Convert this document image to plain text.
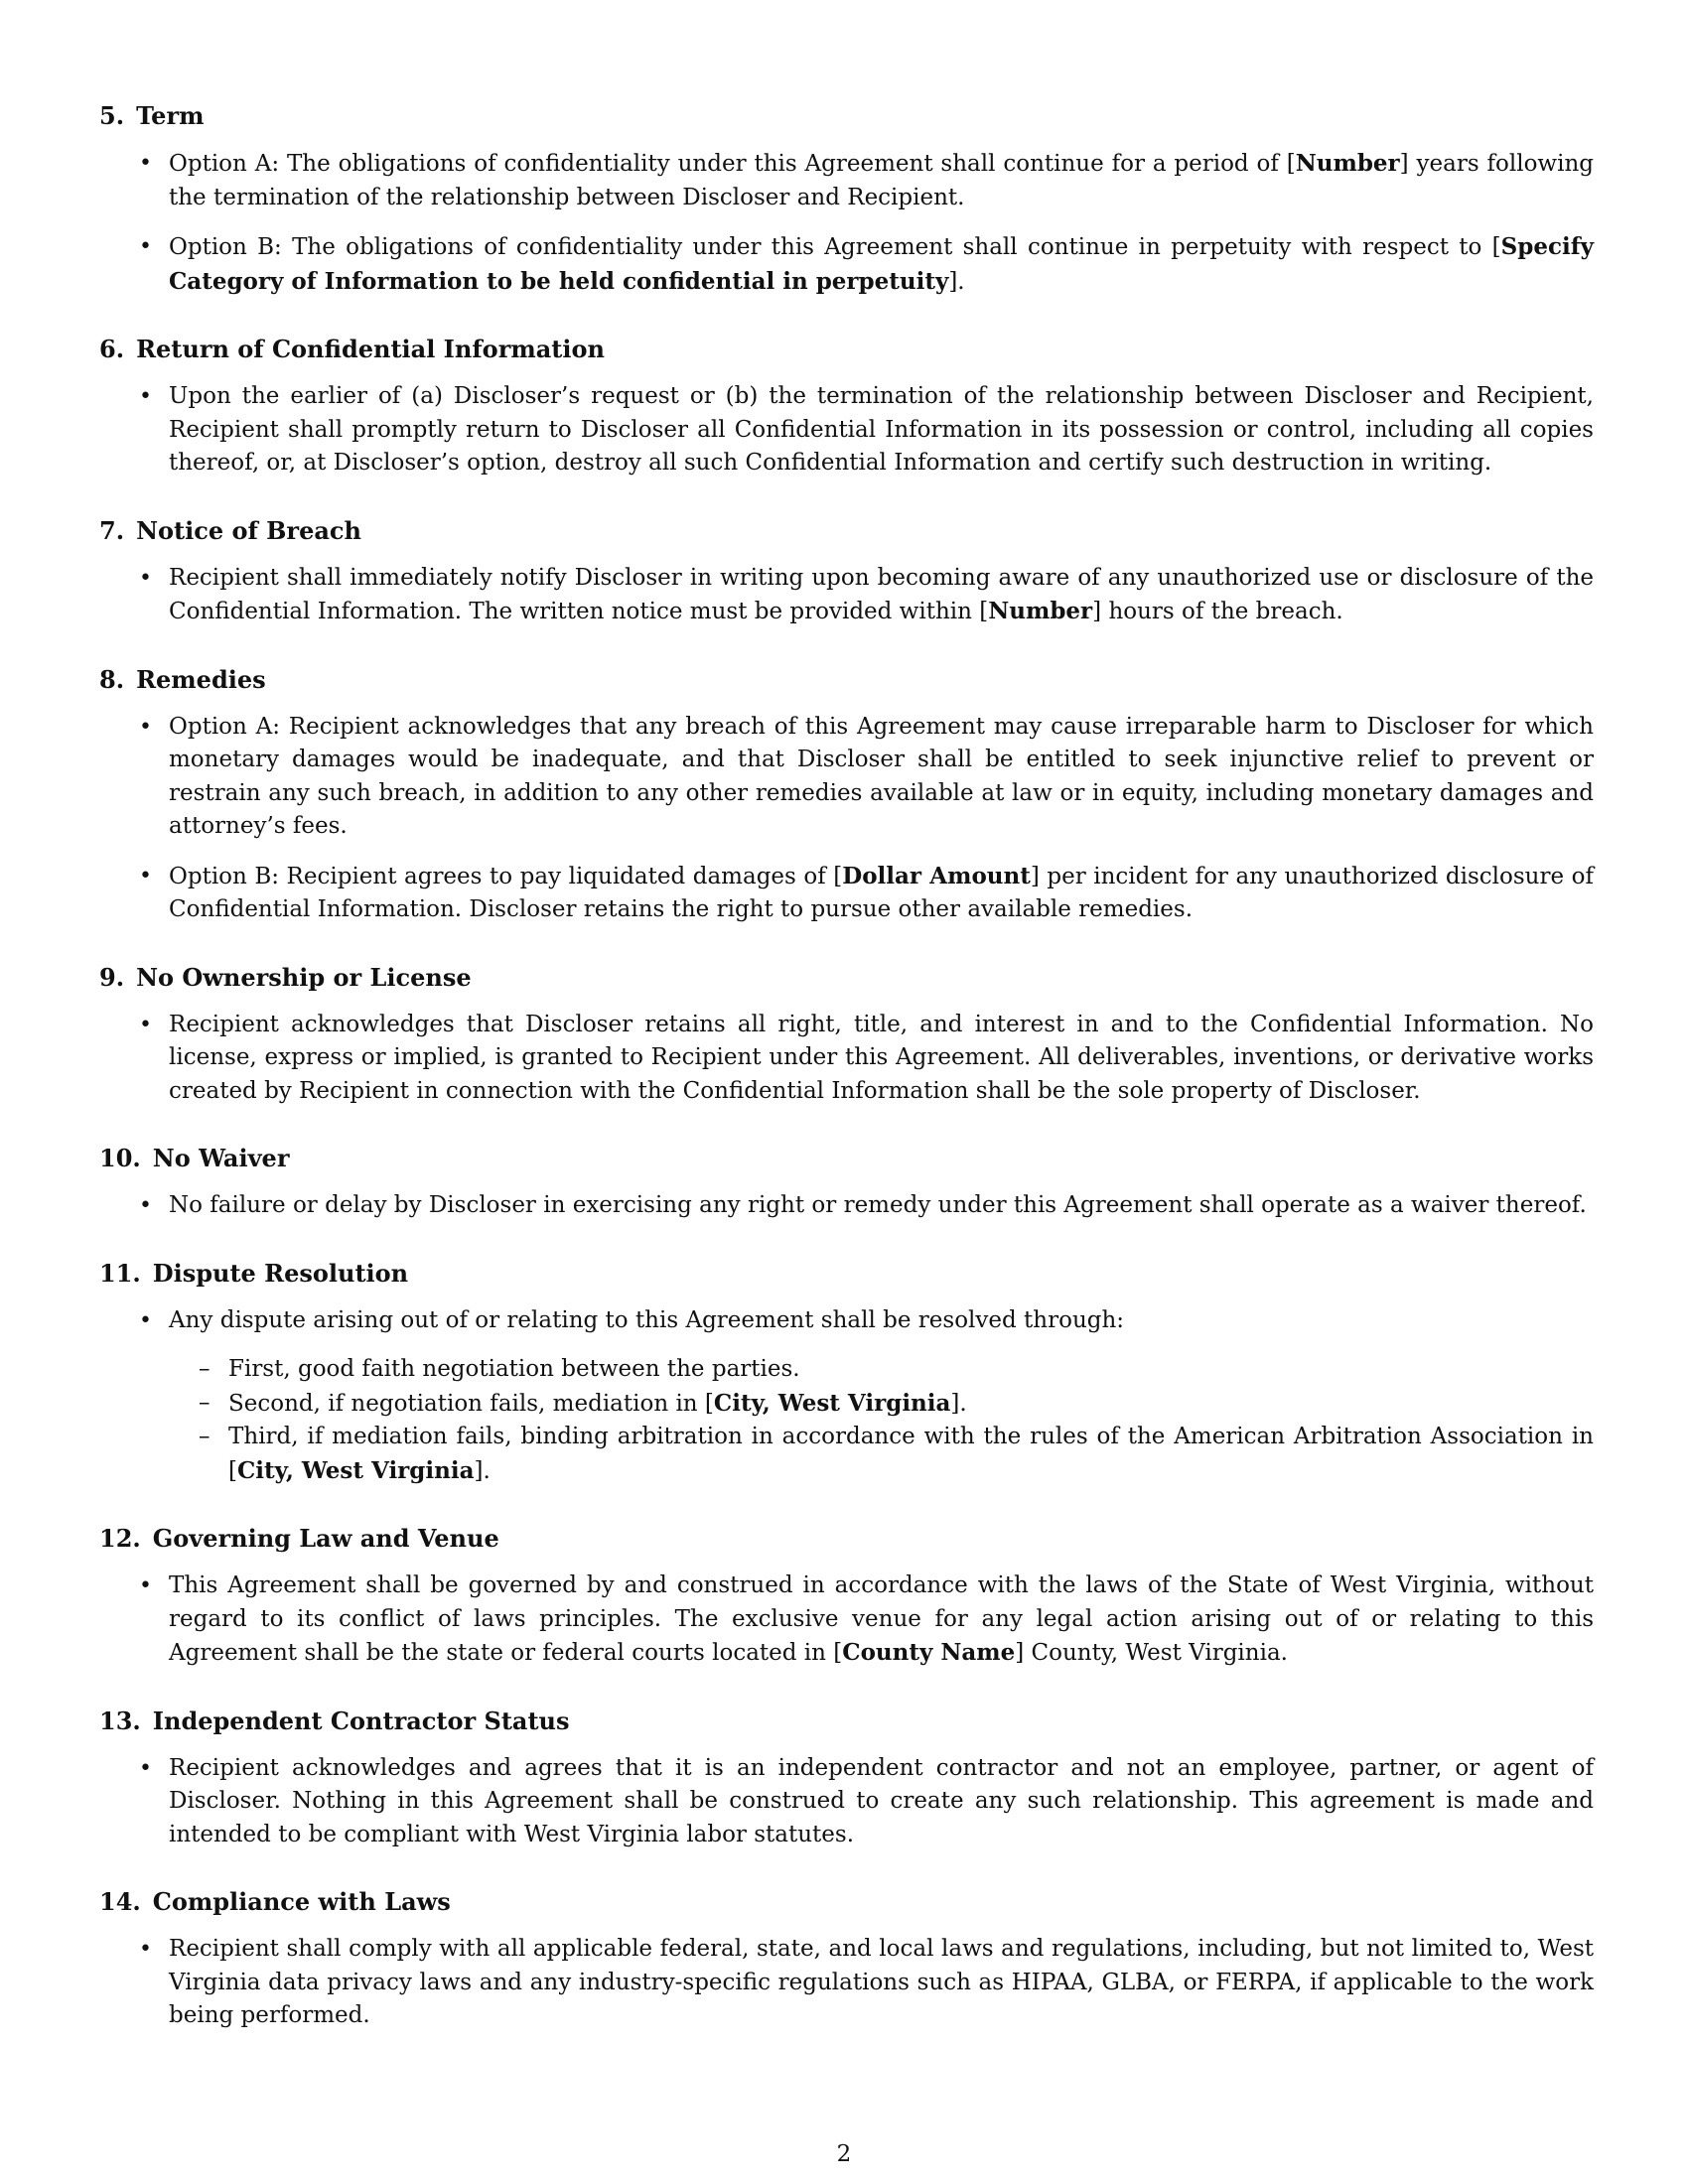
5. Term
• Option A: The obligations of confidentiality under this Agreement shall continue for a period of [Number] years following the termination of the relationship between Discloser and Recipient.
• Option B: The obligations of confidentiality under this Agreement shall continue in perpetuity with respect to [Specify Category of Information to be held confidential in perpetuity].
6. Return of Confidential Information
• Upon the earlier of (a) Discloser’s request or (b) the termination of the relationship between Discloser and Recipient, Recipient shall promptly return to Discloser all Confidential Information in its possession or control, including all copies thereof, or, at Discloser’s option, destroy all such Confidential Information and certify such destruction in writing.
7. Notice of Breach
• Recipient shall immediately notify Discloser in writing upon becoming aware of any unauthorized use or disclosure of the Confidential Information. The written notice must be provided within [Number] hours of the breach.
8. Remedies
• Option A: Recipient acknowledges that any breach of this Agreement may cause irreparable harm to Discloser for which monetary damages would be inadequate, and that Discloser shall be entitled to seek injunctive relief to prevent or restrain any such breach, in addition to any other remedies available at law or in equity, including monetary damages and attorney’s fees.
• Option B: Recipient agrees to pay liquidated damages of [Dollar Amount] per incident for any unauthorized disclosure of Confidential Information. Discloser retains the right to pursue other available remedies.
9. No Ownership or License
• Recipient acknowledges that Discloser retains all right, title, and interest in and to the Confidential Information. No license, express or implied, is granted to Recipient under this Agreement. All deliverables, inventions, or derivative works created by Recipient in connection with the Confidential Information shall be the sole property of Discloser.
10. No Waiver
• No failure or delay by Discloser in exercising any right or remedy under this Agreement shall operate as a waiver thereof.
11. Dispute Resolution
• Any dispute arising out of or relating to this Agreement shall be resolved through:
– First, good faith negotiation between the parties.
– Second, if negotiation fails, mediation in [City, West Virginia].
– Third, if mediation fails, binding arbitration in accordance with the rules of the American Arbitration Association in [City, West Virginia].
12. Governing Law and Venue
• This Agreement shall be governed by and construed in accordance with the laws of the State of West Virginia, without regard to its conflict of laws principles. The exclusive venue for any legal action arising out of or relating to this Agreement shall be the state or federal courts located in [County Name] County, West Virginia.
13. Independent Contractor Status
• Recipient acknowledges and agrees that it is an independent contractor and not an employee, partner, or agent of Discloser. Nothing in this Agreement shall be construed to create any such relationship. This agreement is made and intended to be compliant with West Virginia labor statutes.
14. Compliance with Laws
• Recipient shall comply with all applicable federal, state, and local laws and regulations, including, but not limited to, West Virginia data privacy laws and any industry-specific regulations such as HIPAA, GLBA, or FERPA, if applicable to the work being performed.
2
